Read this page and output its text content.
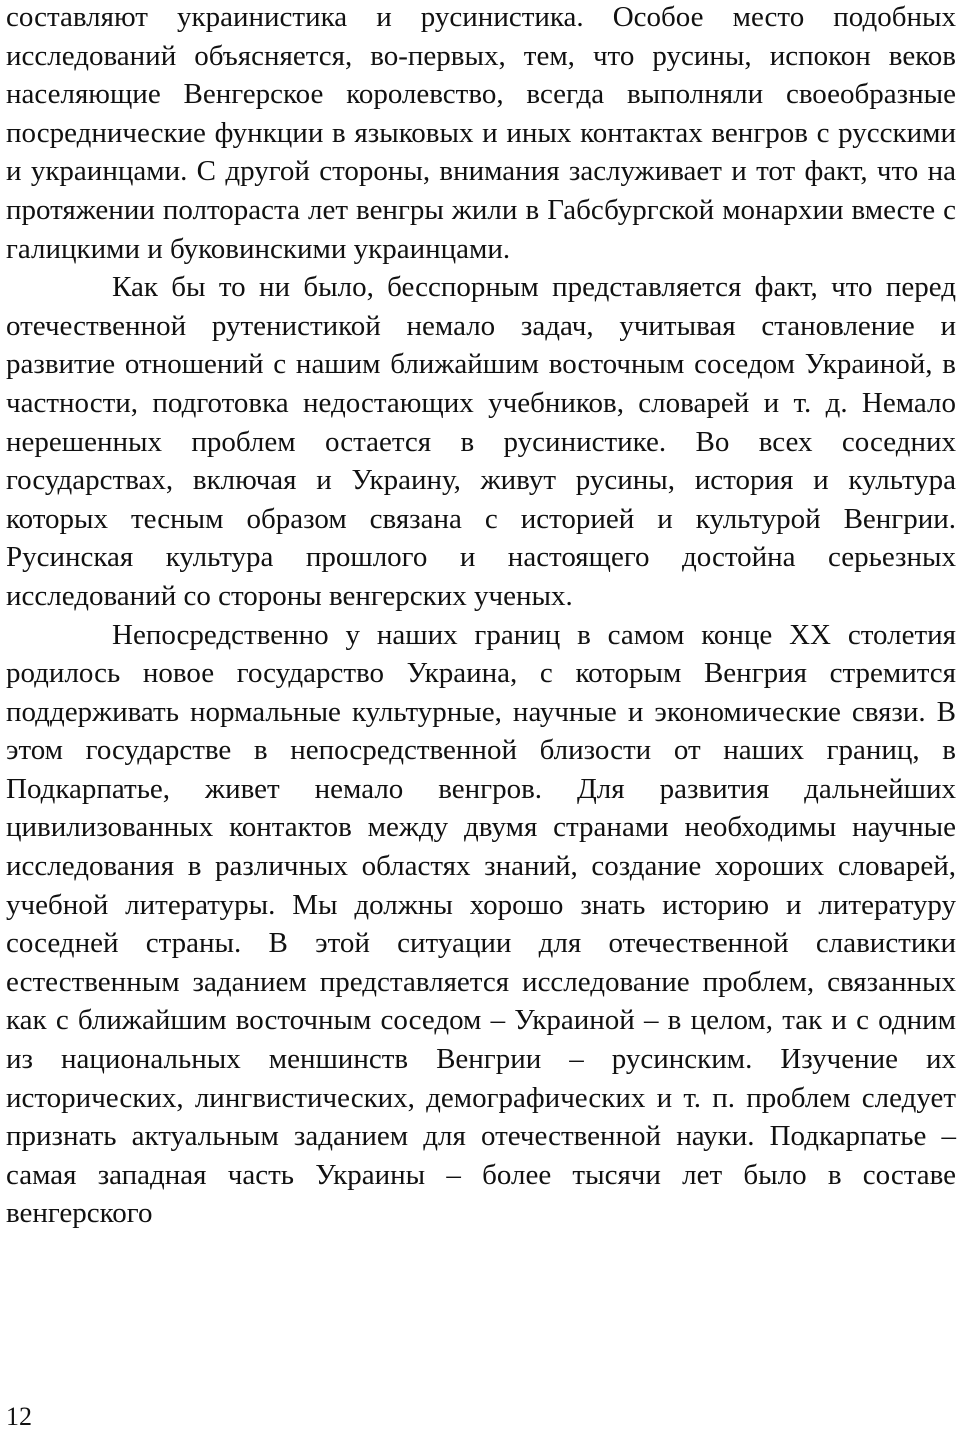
составляют украинистика и русинистика. Особое место подобных исследований объясняется, во-первых, тем, что русины, испокон веков населяющие Венгерское королевство, всегда выполняли своеобразные посреднические функции в языковых и иных контактах венгров с русскими и украинцами. С другой стороны, внимания заслуживает и тот факт, что на протяжении полтораста лет венгры жили в Габсбургской монархии вместе с галицкими и буковинскими украинцами.

Как бы то ни было, бесспорным представляется факт, что перед отечественной рутенистикой немало задач, учитывая становление и развитие отношений с нашим ближайшим восточным соседом Украиной, в частности, подготовка недостающих учебников, словарей и т. д. Немало нерешенных проблем остается в русинистике. Во всех соседних государствах, включая и Украину, живут русины, история и культура которых тесным образом связана с историей и культурой Венгрии. Русинская культура прошлого и настоящего достойна серьезных исследований со стороны венгерских ученых.

Непосредственно у наших границ в самом конце XX столетия родилось новое государство Украина, с которым Венгрия стремится поддерживать нормальные культурные, научные и экономические связи. В этом государстве в непосредственной близости от наших границ, в Подкарпатье, живет немало венгров. Для развития дальнейших цивилизованных контактов между двумя странами необходимы научные исследования в различных областях знаний, создание хороших словарей, учебной литературы. Мы должны хорошо знать историю и литературу соседней страны. В этой ситуации для отечественной славистики естественным заданием представляется исследование проблем, связанных как с ближайшим восточным соседом – Украиной – в целом, так и с одним из национальных меншинств Венгрии – русинским. Изучение их исторических, лингвистических, демографических и т. п. проблем следует признать актуальным заданием для отечественной науки. Подкарпатье – самая западная часть Украины – более тысячи лет было в составе венгерского

12
